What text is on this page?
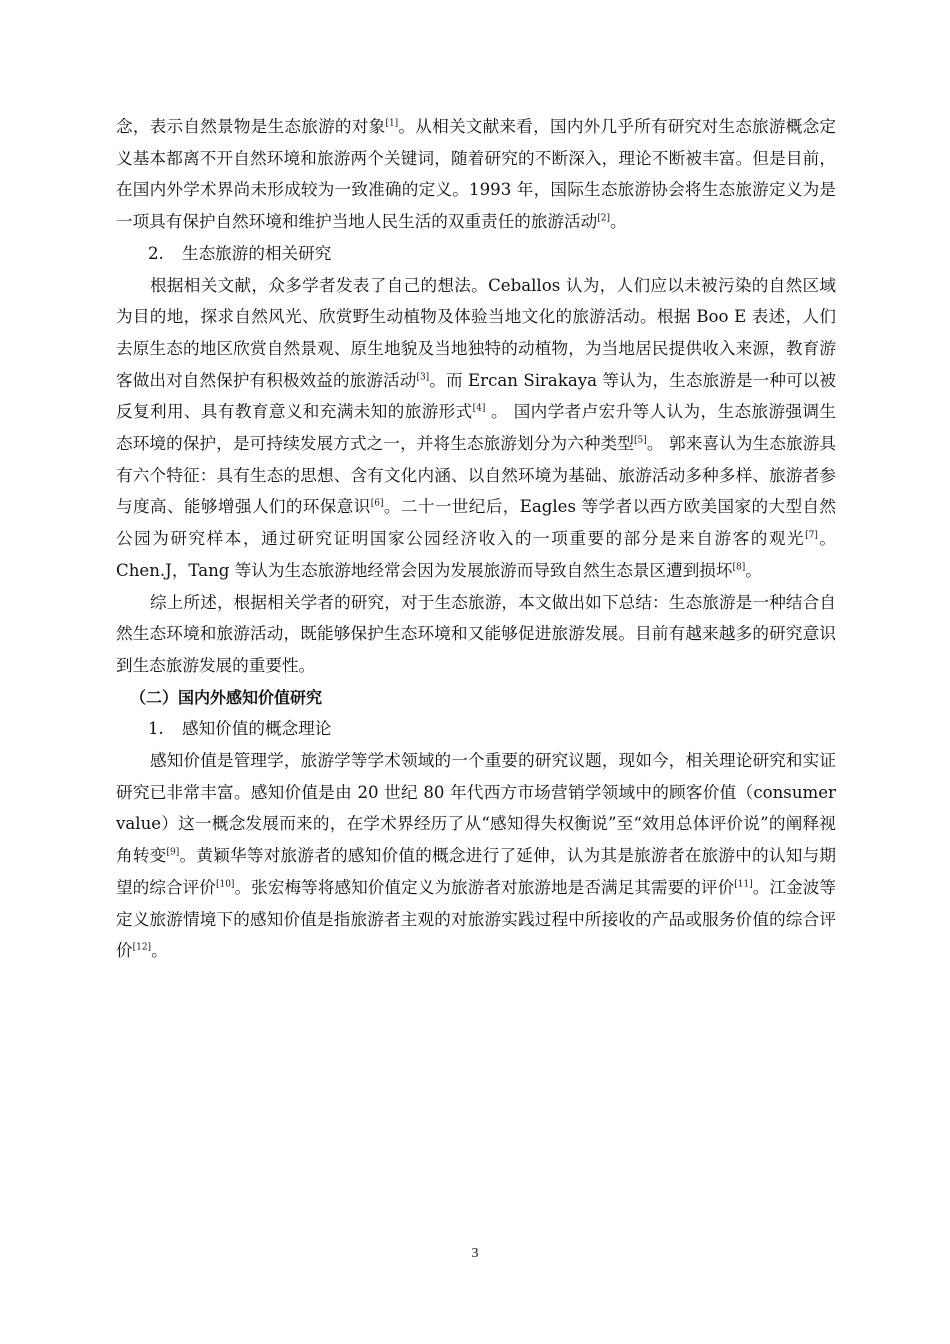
念，表示自然景物是生态旅游的对象[1]。从相关文献来看，国内外几乎所有研究对生态旅游概念定义基本都离不开自然环境和旅游两个关键词，随着研究的不断深入，理论不断被丰富。但是目前，在国内外学术界尚未形成较为一致准确的定义。1993 年，国际生态旅游协会将生态旅游定义为是一项具有保护自然环境和维护当地人民生活的双重责任的旅游活动[2]。

2. 生态旅游的相关研究

根据相关文献，众多学者发表了自己的想法。Ceballos 认为，人们应以未被污染的自然区域为目的地，探求自然风光、欣赏野生动植物及体验当地文化的旅游活动。根据 Boo E 表述，人们去原生态的地区欣赏自然景观、原生地貌及当地独特的动植物，为当地居民提供收入来源，教育游客做出对自然保护有积极效益的旅游活动[3]。而 Ercan Sirakaya 等认为，生态旅游是一种可以被反复利用、具有教育意义和充满未知的旅游形式[4] 。 国内学者卢宏升等人认为，生态旅游强调生态环境的保护，是可持续发展方式之一，并将生态旅游划分为六种类型[5]。 郭来喜认为生态旅游具有六个特征：具有生态的思想、含有文化内涵、以自然环境为基础、旅游活动多种多样、旅游者参与度高、能够增强人们的环保意识[6]。二十一世纪后，Eagles 等学者以西方欧美国家的大型自然公园为研究样本，通过研究证明国家公园经济收入的一项重要的部分是来自游客的观光[7]。Chen.J，Tang 等认为生态旅游地经常会因为发展旅游而导致自然生态景区遭到损坏[8]。

综上所述，根据相关学者的研究，对于生态旅游，本文做出如下总结：生态旅游是一种结合自然生态环境和旅游活动，既能够保护生态环境和又能够促进旅游发展。目前有越来越多的研究意识到生态旅游发展的重要性。

（二）国内外感知价值研究

1. 感知价值的概念理论

感知价值是管理学，旅游学等学术领域的一个重要的研究议题，现如今，相关理论研究和实证研究已非常丰富。感知价值是由 20 世纪 80 年代西方市场营销学领域中的顾客价值（consumer value）这一概念发展而来的，在学术界经历了从“感知得失权衡说”至“效用总体评价说”的阐释视角转变[9]。黄颖华等对旅游者的感知价值的概念进行了延伸，认为其是旅游者在旅游中的认知与期望的综合评价[10]。张宏梅等将感知价值定义为旅游者对旅游地是否满足其需要的评价[11]。江金波等定义旅游情境下的感知价值是指旅游者主观的对旅游实践过程中所接收的产品或服务价值的综合评价[12]。

3
